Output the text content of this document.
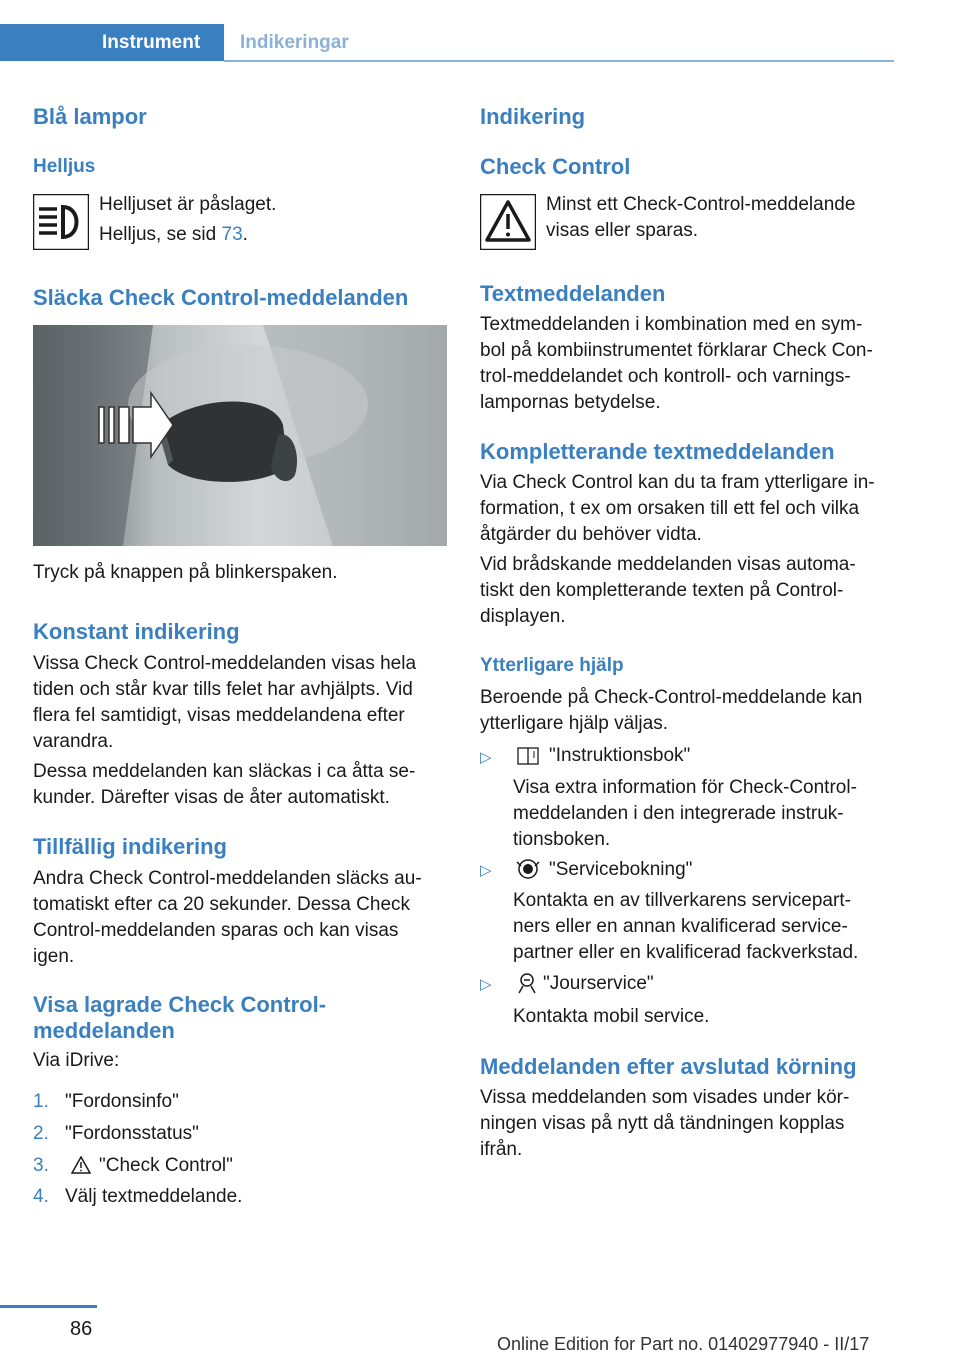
Instrument	Indikeringar
Blå lampor
Helljus

Helljuset är påslaget.

Helljus, se sid 73.

Släcka Check Control-meddelanden

Tryck på knappen på blinkerspaken.

Konstant indikering

Vissa Check Control-meddelanden visas hela
tiden och står kvar tills felet har avhjälpts. Vid
flera fel samtidigt, visas meddelandena efter
varandra.

Dessa meddelanden kan släckas i ca åtta se-
kunder. Därefter visas de åter automatiskt.

Tillfällig indikering

Andra Check Control-meddelanden släcks au-
tomatiskt efter ca 20 sekunder. Dessa Check
Control-meddelanden sparas och kan visas
igen.

Visa lagrade Check Control-
meddelanden

Via iDrive:

1. "Fordonsinfo"
2. "Fordonsstatus"
3.	"Check Control"
4. Välj textmeddelande.
Indikering
Check Control

Minst ett Check-Control-meddelande
visas eller sparas.

Textmeddelanden

Textmeddelanden i kombination med en sym-
bol på kombiinstrumentet förklarar Check Con-
trol-meddelandet och kontroll- och varnings-
lampornas betydelse.

Kompletterande textmeddelanden

Via Check Control kan du ta fram ytterligare in-
formation, t ex om orsaken till ett fel och vilka
åtgärder du behöver vidta.

Vid brådskande meddelanden visas automa-
tiskt den kompletterande texten på Control-
displayen.

Ytterligare hjälp

Beroende på Check-Control-meddelande kan
ytterligare hjälp väljas.

▷	"Instruktionsbok"

Visa extra information för Check-Control-
meddelanden i den integrerade instruk-
tionsboken.

▷	"Servicebokning"

Kontakta en av tillverkarens servicepart-
ners eller en annan kvalificerad service-
partner eller en kvalificerad fackverkstad.

▷	"Jourservice"

Kontakta mobil service.

Meddelanden efter avslutad körning

Vissa meddelanden som visades under kör-
ningen visas på nytt då tändningen kopplas
ifrån.

86
Online Edition for Part no. 01402977940 - II/17
